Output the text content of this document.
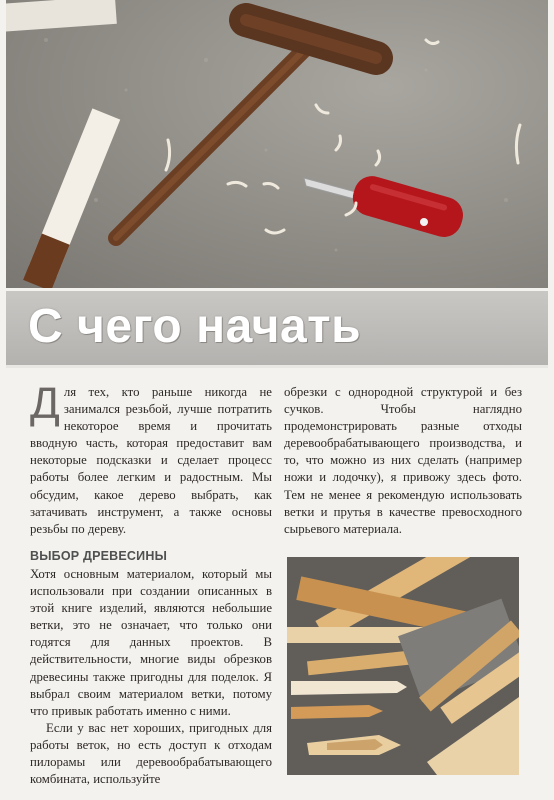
С чего начать

Для тех, кто раньше никогда не занимался резьбой, лучше потратить некоторое время и прочитать вводную часть, которая предоставит вам некоторые подсказки и сделает процесс работы более легким и радостным. Мы обсудим, какое дерево выбрать, как затачивать инструмент, а также основы резьбы по дереву.

обрезки с однородной структурой и без сучков. Чтобы наглядно продемонстрировать разные отходы деревообрабатывающего производства, и то, что можно из них сделать (например ножи и лодочку), я привожу здесь фото. Тем не менее я рекомендую использовать ветки и прутья в качестве превосходного сырьевого материала.

ВЫБОР ДРЕВЕСИНЫ

Хотя основным материалом, который мы использовали при создании описанных в этой книге изделий, являются небольшие ветки, это не означает, что только они годятся для данных проектов. В действительности, многие виды обрезков древесины также пригодны для поделок. Я выбрал своим материалом ветки, потому что привык работать именно с ними.

Если у вас нет хороших, пригодных для работы веток, но есть доступ к отходам пилорамы или деревообрабатывающего комбината, используйте
